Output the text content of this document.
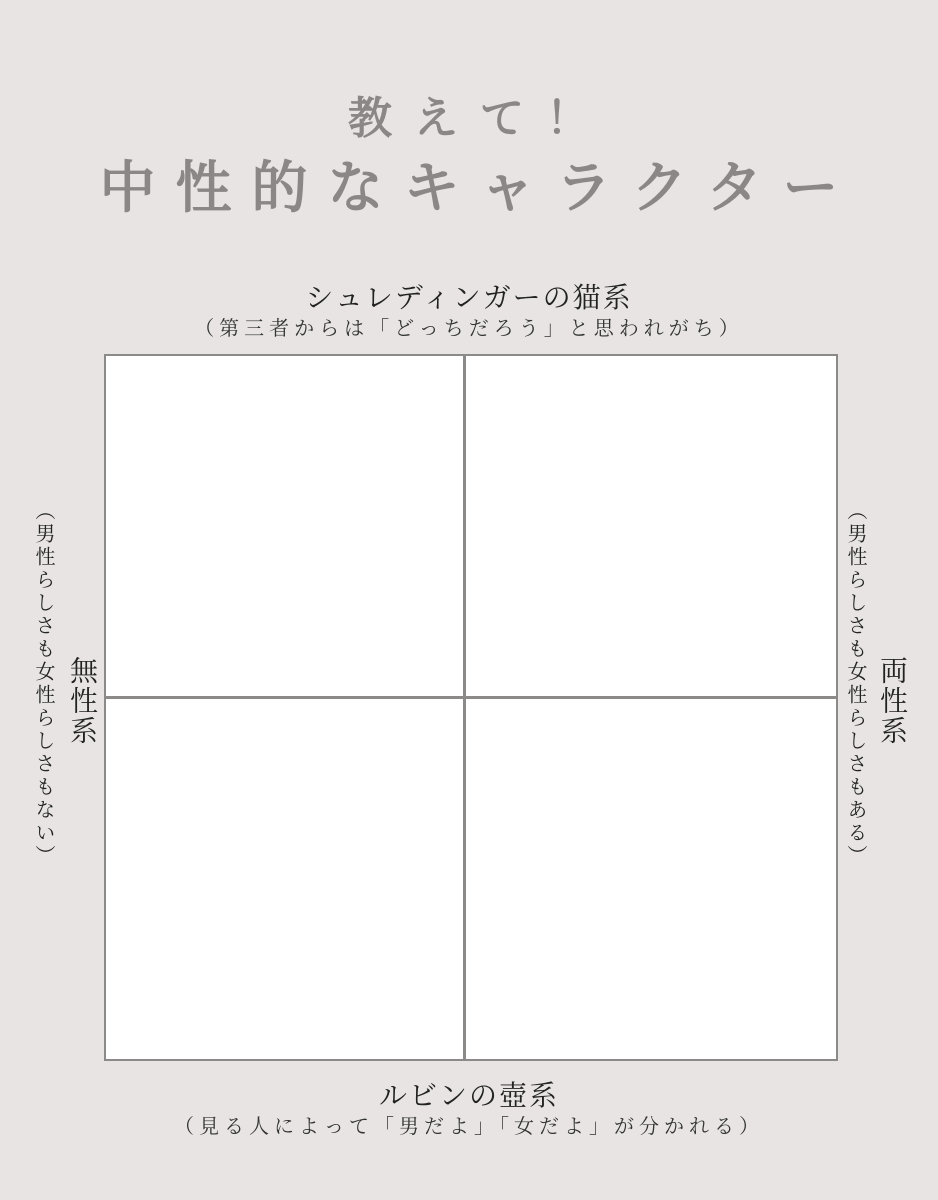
教えて！
中性的なキャラクター
シュレディンガーの猫系
（第三者からは「どっちだろう」と思われがち）
（男性らしさも女性らしさもない） 無性系	両性系
（男性らしさも女性らしさもある）
ルビンの壺系
（見る人によって「男だよ」「女だよ」が分かれる）
